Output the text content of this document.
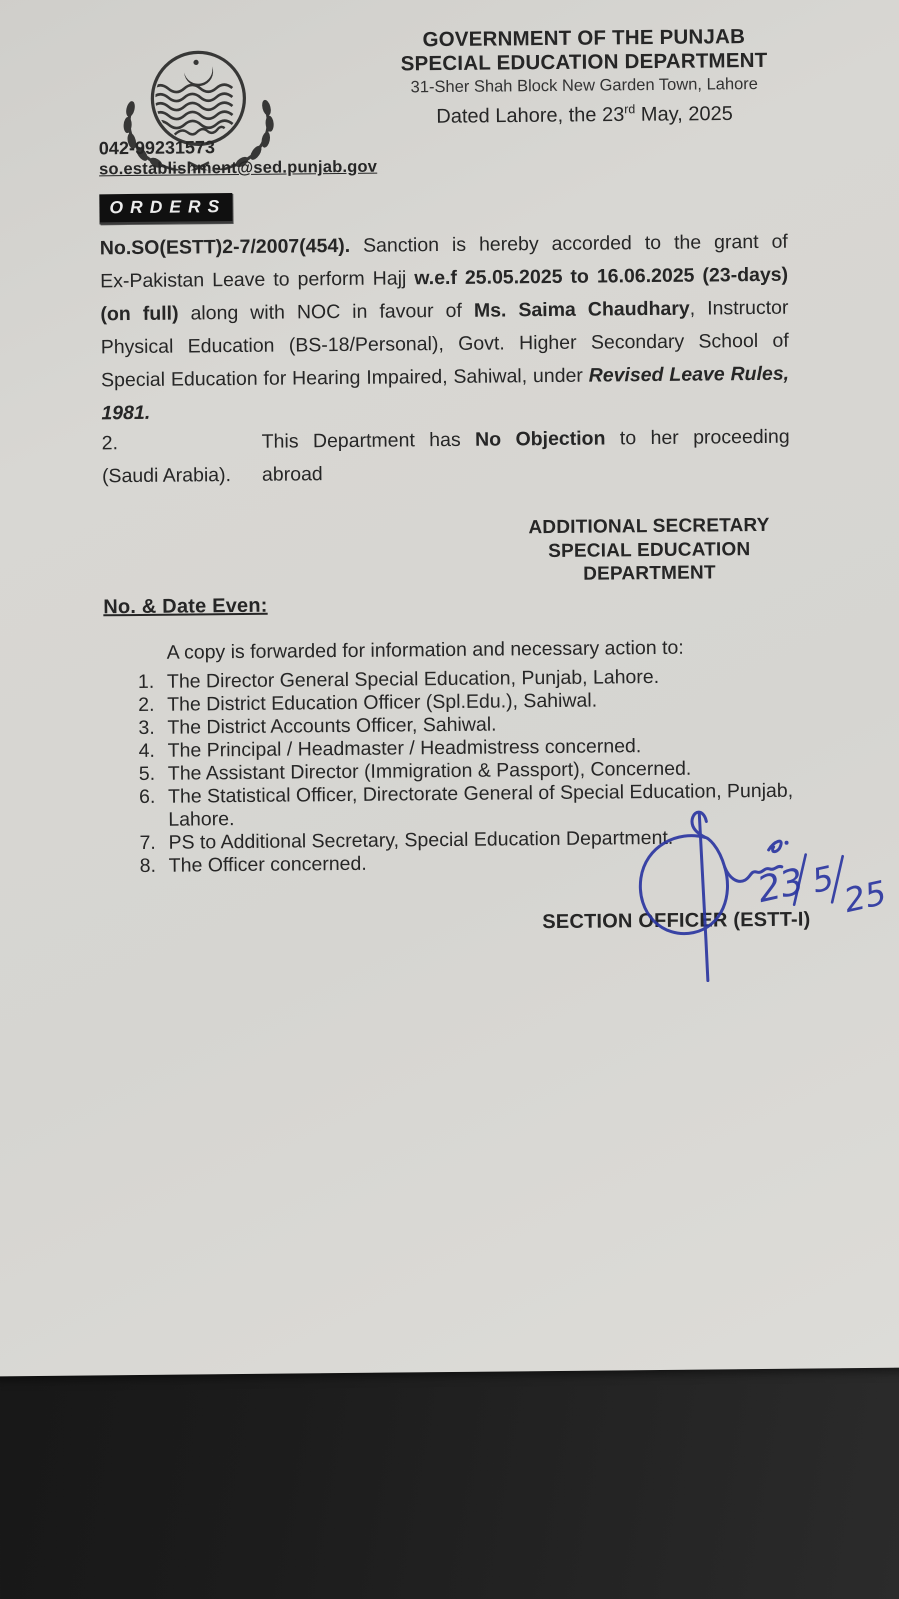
GOVERNMENT OF THE PUNJAB
SPECIAL EDUCATION DEPARTMENT
31-Sher Shah Block New Garden Town, Lahore
Dated Lahore, the 23rd May, 2025
042-99231573
so.establishment@sed.punjab.gov
ORDERS
No.SO(ESTT)2-7/2007(454). Sanction is hereby accorded to the grant of
Ex-Pakistan Leave to perform Hajj w.e.f 25.05.2025 to 16.06.2025 (23-days)
(on full) along with NOC in favour of Ms. Saima Chaudhary, Instructor
Physical Education (BS-18/Personal), Govt. Higher Secondary School of
Special Education for Hearing Impaired, Sahiwal, under Revised Leave Rules,
1981.
2.	This Department has No Objection to her proceeding abroad
(Saudi Arabia).
ADDITIONAL SECRETARY
SPECIAL EDUCATION
DEPARTMENT
No. & Date Even:
A copy is forwarded for information and necessary action to:
1. The Director General Special Education, Punjab, Lahore.
2. The District Education Officer (Spl.Edu.), Sahiwal.
3. The District Accounts Officer, Sahiwal.
4. The Principal / Headmaster / Headmistress concerned.
5. The Assistant Director (Immigration & Passport), Concerned.
6. The Statistical Officer, Directorate General of Special Education, Punjab,
Lahore.
7. PS to Additional Secretary, Special Education Department.
8. The Officer concerned.
SECTION OFFICER (ESTT-I)
23 5 25
